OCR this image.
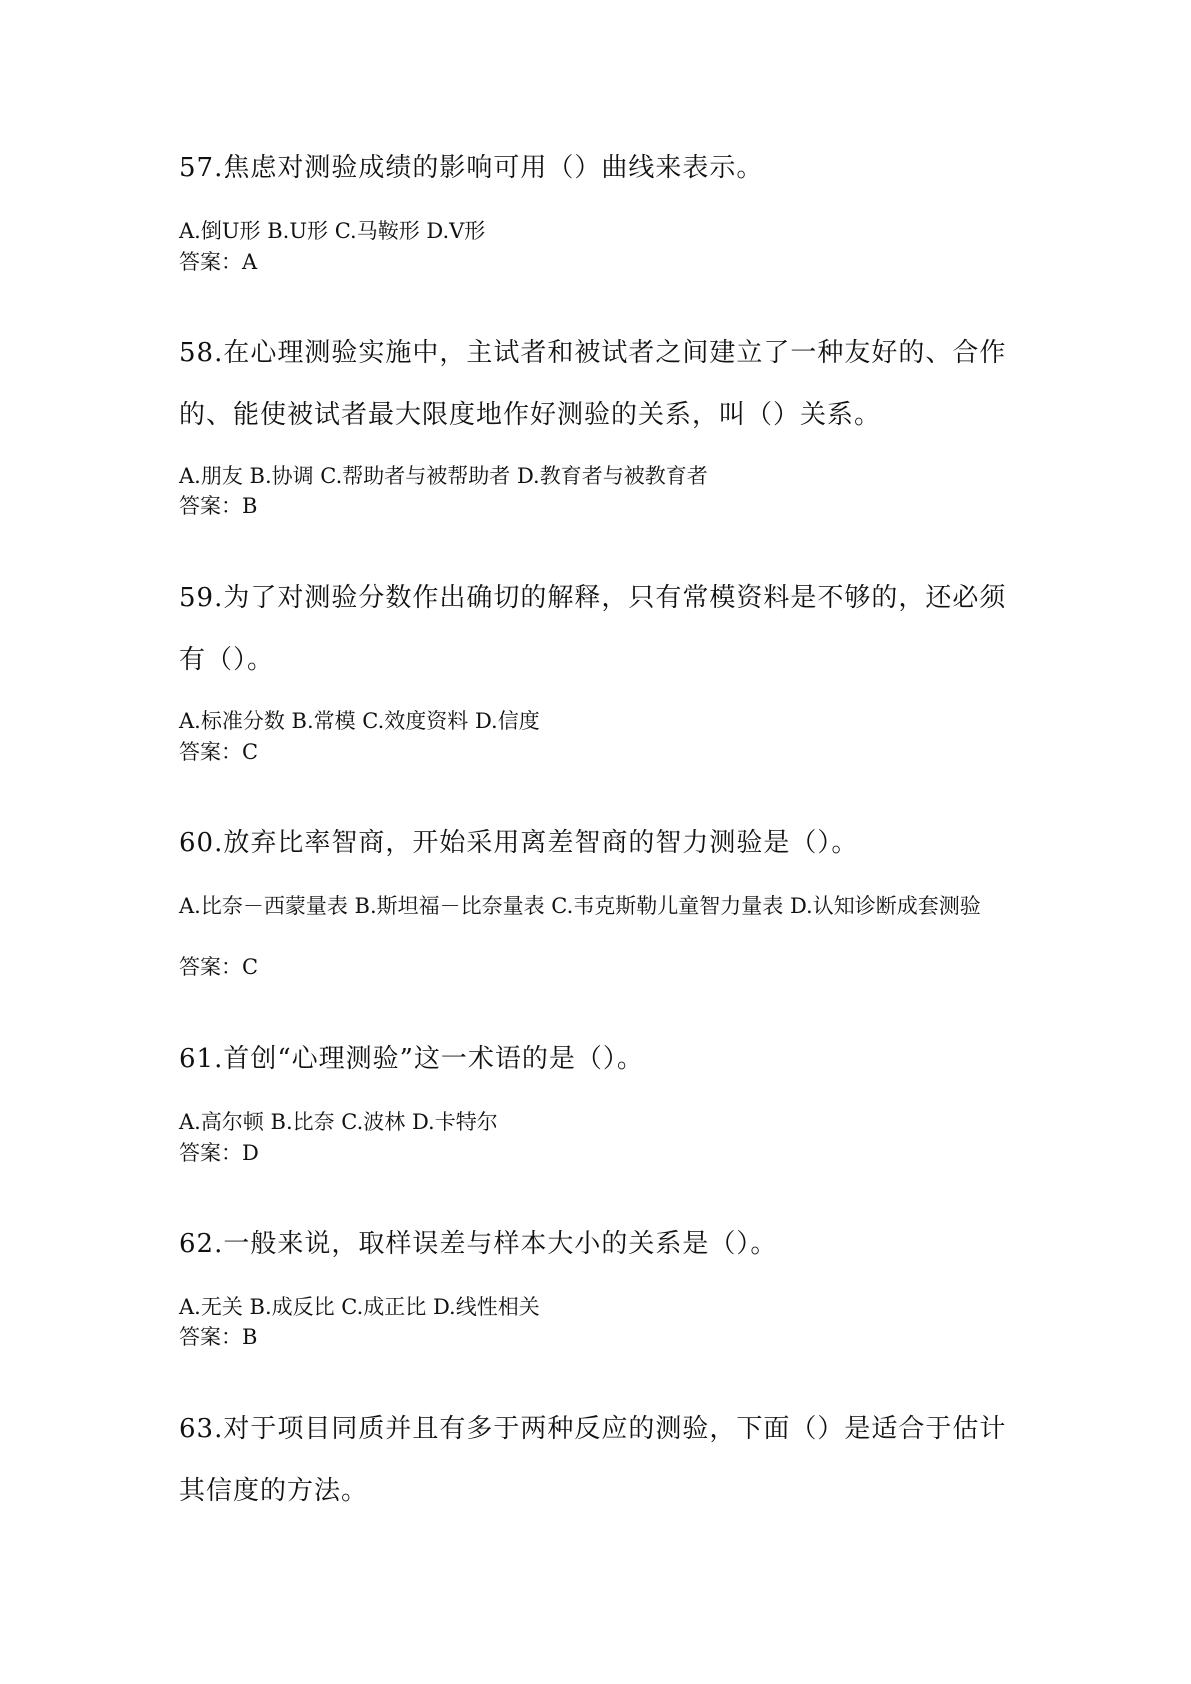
57.焦虑对测验成绩的影响可用（）曲线来表示。
A.倒U形 B.U形 C.马鞍形 D.V形
答案：A
58.在心理测验实施中，主试者和被试者之间建立了一种友好的、合作的、能使被试者最大限度地作好测验的关系，叫（）关系。
A.朋友 B.协调 C.帮助者与被帮助者 D.教育者与被教育者
答案：B
59.为了对测验分数作出确切的解释，只有常模资料是不够的，还必须有（）。
A.标准分数 B.常模 C.效度资料 D.信度
答案：C
60.放弃比率智商，开始采用离差智商的智力测验是（）。
A.比奈－西蒙量表 B.斯坦福－比奈量表 C.韦克斯勒儿童智力量表 D.认知诊断成套测验
答案：C
61.首创“心理测验”这一术语的是（）。
A.高尔顿 B.比奈 C.波林 D.卡特尔
答案：D
62.一般来说，取样误差与样本大小的关系是（）。
A.无关 B.成反比 C.成正比 D.线性相关
答案：B
63.对于项目同质并且有多于两种反应的测验，下面（）是适合于估计其信度的方法。
